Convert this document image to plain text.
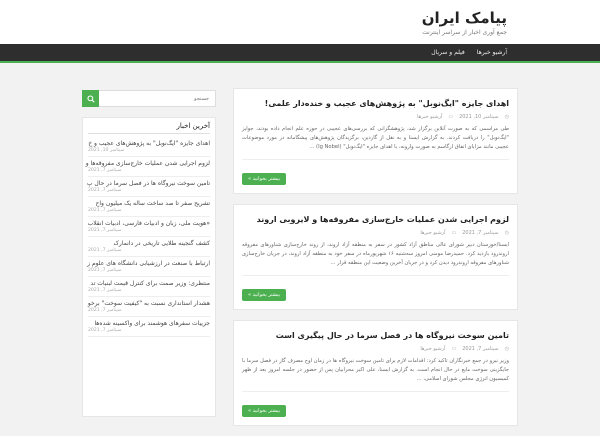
پیامک ایران
جمع آوری اخبار از سراسر اینترنت
آرشیو خبرها
فیلم و سریال
اهدای جایزه "ایگ‌نوبل" به پژوهش‌های عجیب و خنده‌دار علمی!
◷
سپتامبر 10, 2021
▭
آرشیو خبرها

طی مراسمی که به صورت آنلاین برگزار شد، پژوهشگرانی که بررسی‌های عجیبی در حوزه علم انجام داده بودند، جوایز "ایگ‌نوبل" را دریافت کردند. به گزارش ایسنا و به نقل از گاردین، برگزیدگان پژوهش‌های پیشگامانه در مورد موضوعات عجیبی مانند مزایای اتفاق ارگاسم به صورت وارونه، با اهدای جایزه "ایگ‌نوبل" (Ig Nobel) ...

بیشتر بخوانید »
لزوم اجرایی شدن عملیات خارج‌سازی مفروقه‌ها و لایروبی اروند
◷
سپتامبر 7, 2021
▭
آرشیو خبرها

ایسنا/خوزستان دبیر شورای عالی مناطق آزاد کشور در سفر به منطقه آزاد اروند، از روند خارج‌سازی شناورهای مفروقه اروندرود بازدید کرد. حمیدرضا مومنی امروز سه‌شنبه ۱۶ شهریورماه در سفر خود به منطقه آزاد اروند، در جریان خارج‌سازی شناورهای مفروقه اروندرود دیدن کرد و در جریان آخرین وضعیت این منطقه قرار ...

بیشتر بخوانید »
تامین سوخت نیروگاه ها در فصل سرما در حال پیگیری است
◷
سپتامبر 7, 2021
▭
آرشیو خبرها

وزیر نیرو در جمع خبرنگاران تاکید کرد: اقدامات لازم برای تامین سوخت نیروگاه ها در زمان اوج مصرف گاز در فصل سرما با جایگزینی سوخت مایع در حال انجام است. به گزارش ایسنا، علی اکبر محرابیان پس از حضور در جلسه امروز بعد از ظهر کمیسیون انرژی مجلس شورای اسلامی، ...

بیشتر بخوانید »
جستجو
آخرین اخبار
اهدای جایزه "ایگ‌نوبل" به پژوهش‌های عجیب و خ
سپتامبر 10, 2021
لزوم اجرایی شدن عملیات خارج‌سازی مفروقه‌ها و
سپتامبر 7, 2021
تامین سوخت نیروگاه ها در فصل سرما در حال پ
سپتامبر 7, 2021
تشریح صفر تا صد ساخت ساله یک میلیون واح
سپتامبر 7, 2021
«هویت ملی، زبان و ادبیات فارسی، ادبیات انقلاب
سپتامبر 7, 2021
کشف گنجینه طلایی تاریخی در دانمارک
سپتامبر 7, 2021
ارتباط با صنعت در ارزشیابی دانشگاه های علوم ز
سپتامبر 7, 2021
منتظری: وزیر صمت برای کنترل قیمت لبنیات تد
سپتامبر 7, 2021
هشدار استانداری نسبت به "کیفیت سوخت" برخو
سپتامبر 7, 2021
جزییات سفرهای هوشمند برای واکسینه شده‌ها
سپتامبر 7, 2021
